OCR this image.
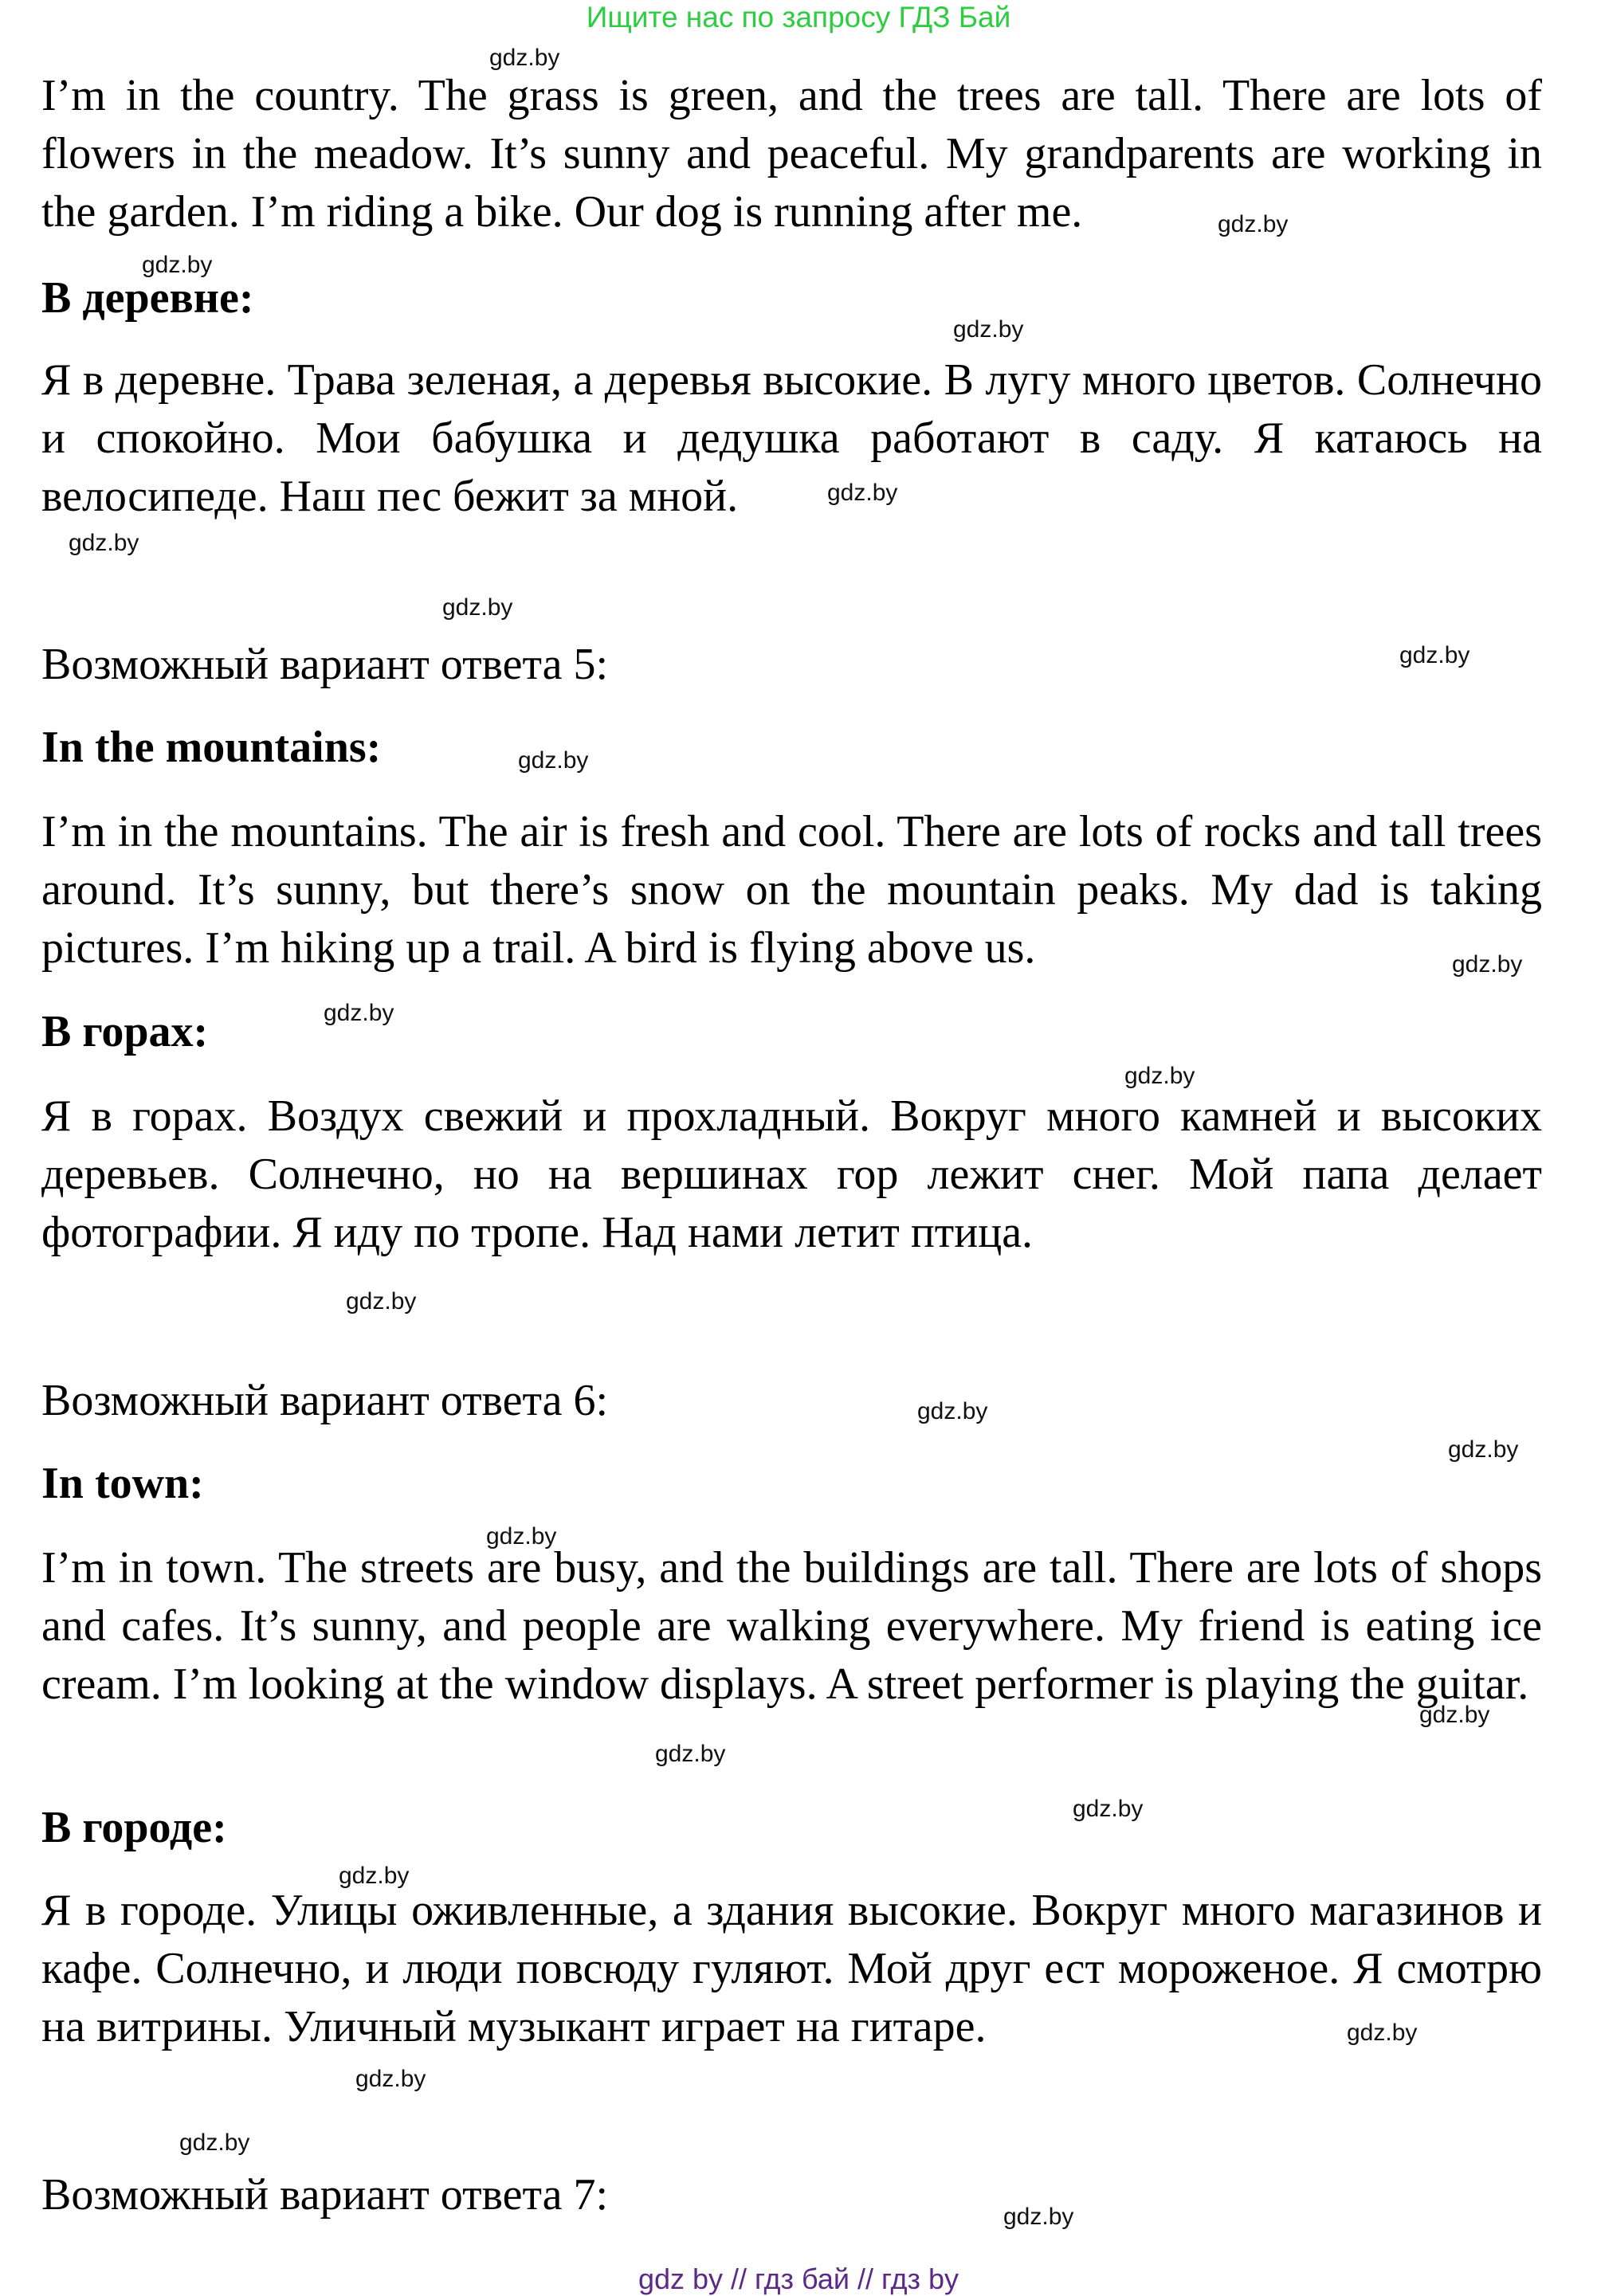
Ищите нас по запросу ГДЗ Бай

I’m in the country. The grass is green, and the trees are tall. There are lots of flowers in the meadow. It’s sunny and peaceful. My grandparents are working in the garden. I’m riding a bike. Our dog is running after me.

В деревне:

Я в деревне. Трава зеленая, а деревья высокие. В лугу много цветов. Солнечно и спокойно. Мои бабушка и дедушка работают в саду. Я катаюсь на велосипеде. Наш пес бежит за мной.

Возможный вариант ответа 5:
In the mountains:

I’m in the mountains. The air is fresh and cool. There are lots of rocks and tall trees around. It’s sunny, but there’s snow on the mountain peaks. My dad is taking pictures. I’m hiking up a trail. A bird is flying above us.

В горах:

Я в горах. Воздух свежий и прохладный. Вокруг много камней и высоких деревьев. Солнечно, но на вершинах гор лежит снег. Мой папа делает фотографии. Я иду по тропе. Над нами летит птица.

Возможный вариант ответа 6:
In town:

I’m in town. The streets are busy, and the buildings are tall. There are lots of shops and cafes. It’s sunny, and people are walking everywhere. My friend is eating ice cream. I’m looking at the window displays. A street performer is playing the guitar.

В городе:

Я в городе. Улицы оживленные, а здания высокие. Вокруг много магазинов и кафе. Солнечно, и люди повсюду гуляют. Мой друг ест мороженое. Я смотрю на витрины. Уличный музыкант играет на гитаре.

Возможный вариант ответа 7:
gdz.by
gdz.by
gdz.by
gdz.by
gdz.by
gdz.by
gdz.by
gdz.by
gdz.by
gdz.by
gdz.by
gdz.by
gdz.by
gdz.by
gdz.by
gdz.by
gdz.by
gdz.by
gdz.by
gdz.by
gdz.by
gdz.by
gdz.by
gdz.by
gdz by // гдз бай // гдз by
